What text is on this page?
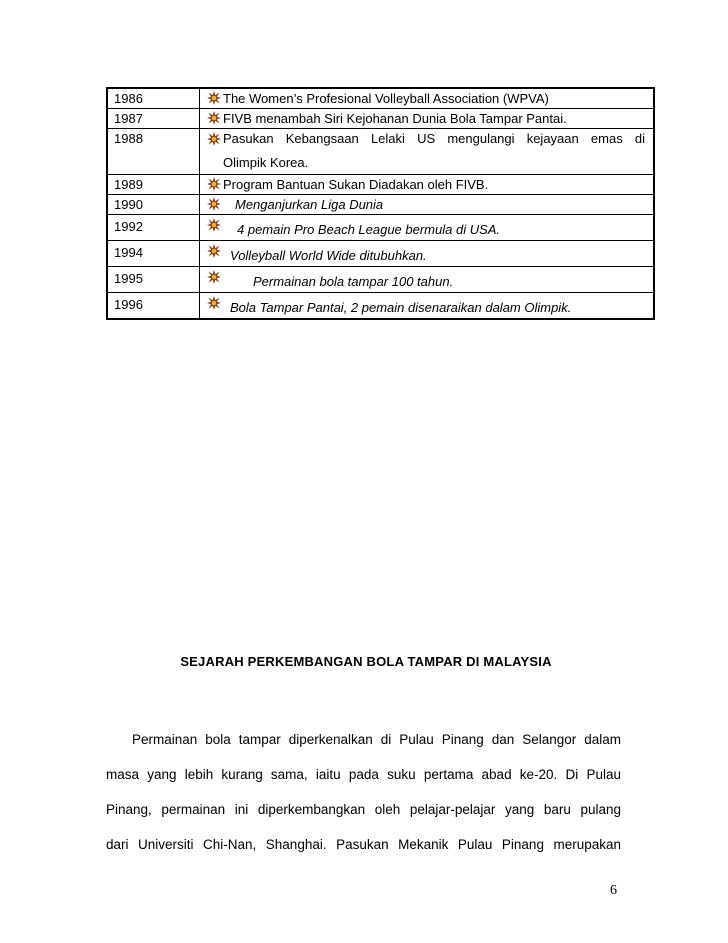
1986	The Women’s Profesional Volleyball Association (WPVA)
1987	FIVB menambah Siri Kejohanan Dunia Bola Tampar Pantai.
1988	Pasukan Kebangsaan Lelaki US mengulangi kejayaan emas di
Olimpik Korea.

1989	Program Bantuan Sukan Diadakan oleh FIVB.
1990	Menganjurkan Liga Dunia
1992	4 pemain Pro Beach League bermula di USA.
1994	Volleyball World Wide ditubuhkan.
1995	Permainan bola tampar 100 tahun.
1996	Bola Tampar Pantai, 2 pemain disenaraikan dalam Olimpik.
SEJARAH PERKEMBANGAN BOLA TAMPAR DI MALAYSIA
Permainan bola tampar diperkenalkan di Pulau Pinang dan Selangor dalam
masa yang lebih kurang sama, iaitu pada suku pertama abad ke-20. Di Pulau
Pinang, permainan ini diperkembangkan oleh pelajar-pelajar yang baru pulang
dari Universiti Chi-Nan, Shanghai. Pasukan Mekanik Pulau Pinang merupakan
6
